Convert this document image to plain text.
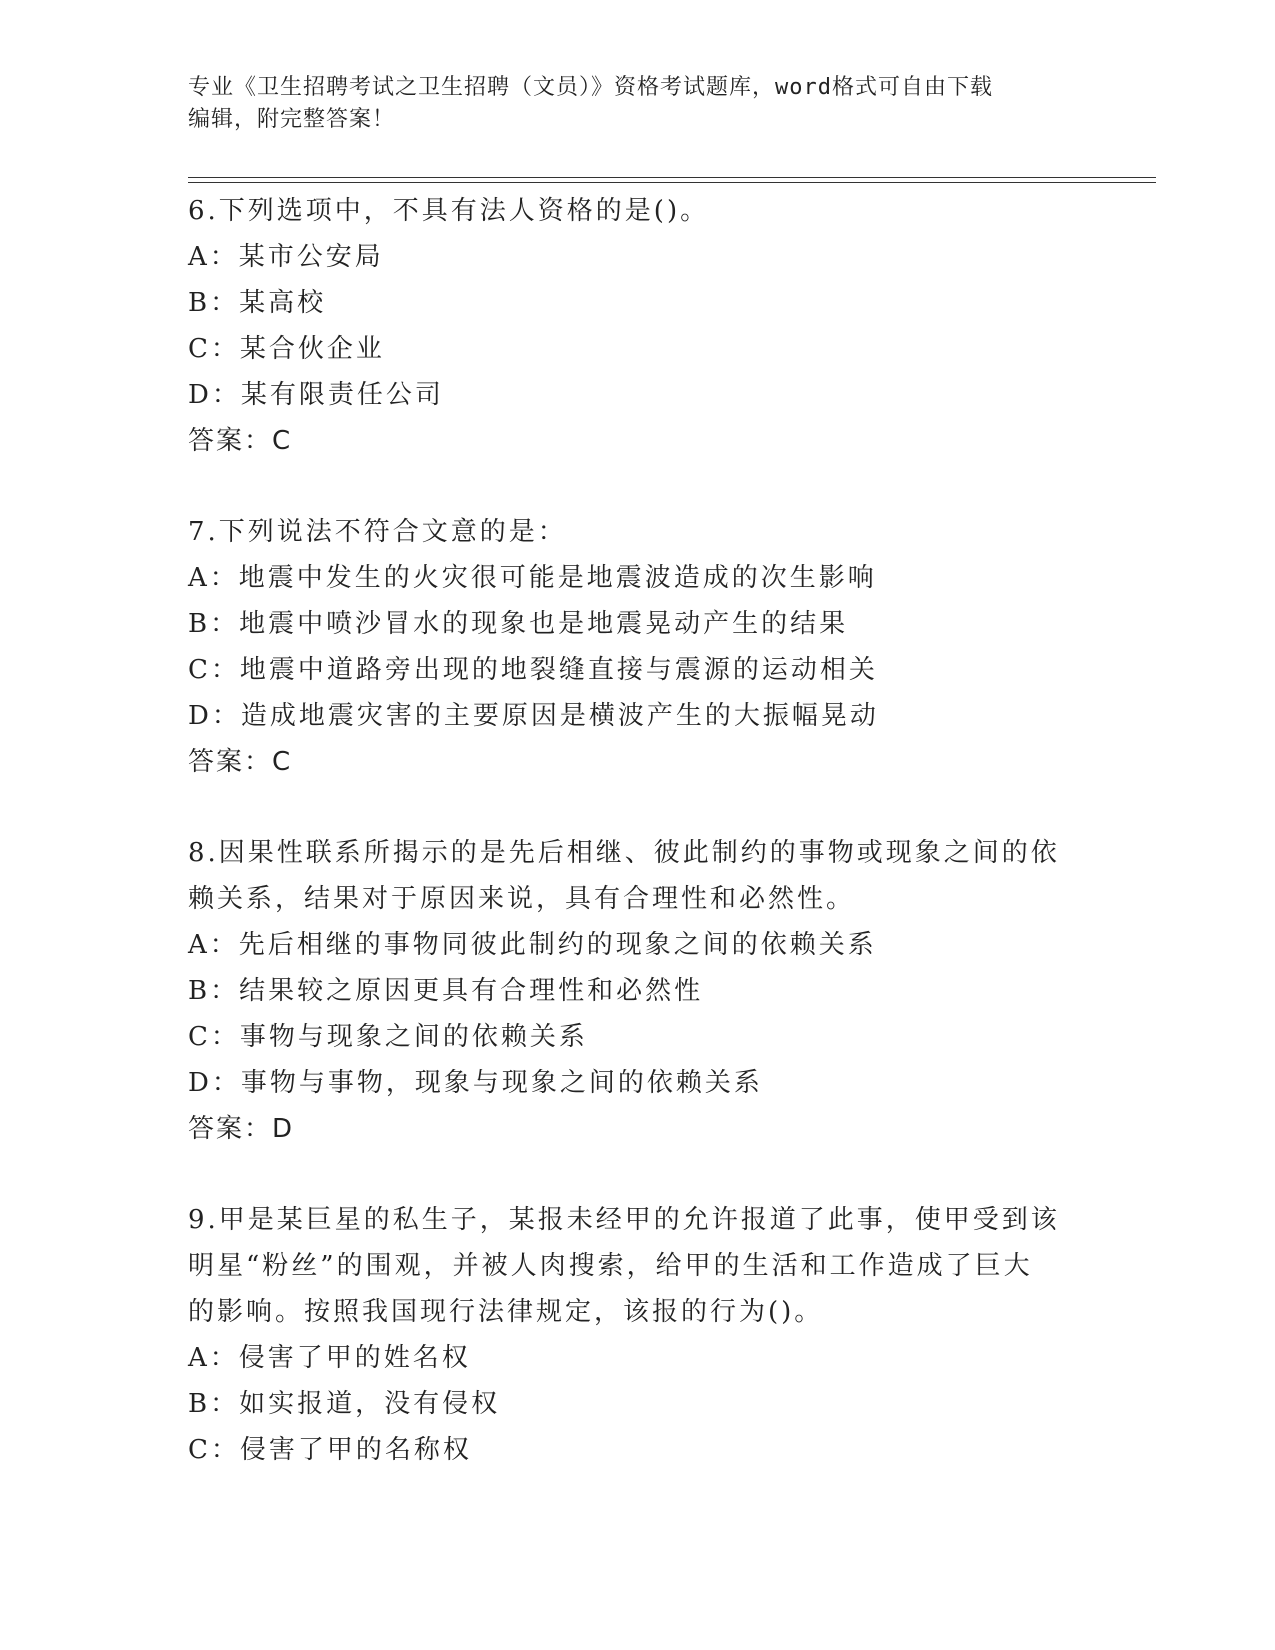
专业《卫生招聘考试之卫生招聘（文员）》资格考试题库，word格式可自由下载
编辑，附完整答案！
6.下列选项中，不具有法人资格的是()。
A：某市公安局
B：某高校
C：某合伙企业
D：某有限责任公司
答案：C
7.下列说法不符合文意的是：
A：地震中发生的火灾很可能是地震波造成的次生影响
B：地震中喷沙冒水的现象也是地震晃动产生的结果
C：地震中道路旁出现的地裂缝直接与震源的运动相关
D：造成地震灾害的主要原因是横波产生的大振幅晃动
答案：C
8.因果性联系所揭示的是先后相继、彼此制约的事物或现象之间的依
赖关系，结果对于原因来说，具有合理性和必然性。
A：先后相继的事物同彼此制约的现象之间的依赖关系
B：结果较之原因更具有合理性和必然性
C：事物与现象之间的依赖关系
D：事物与事物，现象与现象之间的依赖关系
答案：D
9.甲是某巨星的私生子，某报未经甲的允许报道了此事，使甲受到该
明星“粉丝”的围观，并被人肉搜索，给甲的生活和工作造成了巨大
的影响。按照我国现行法律规定，该报的行为()。
A：侵害了甲的姓名权
B：如实报道，没有侵权
C：侵害了甲的名称权
